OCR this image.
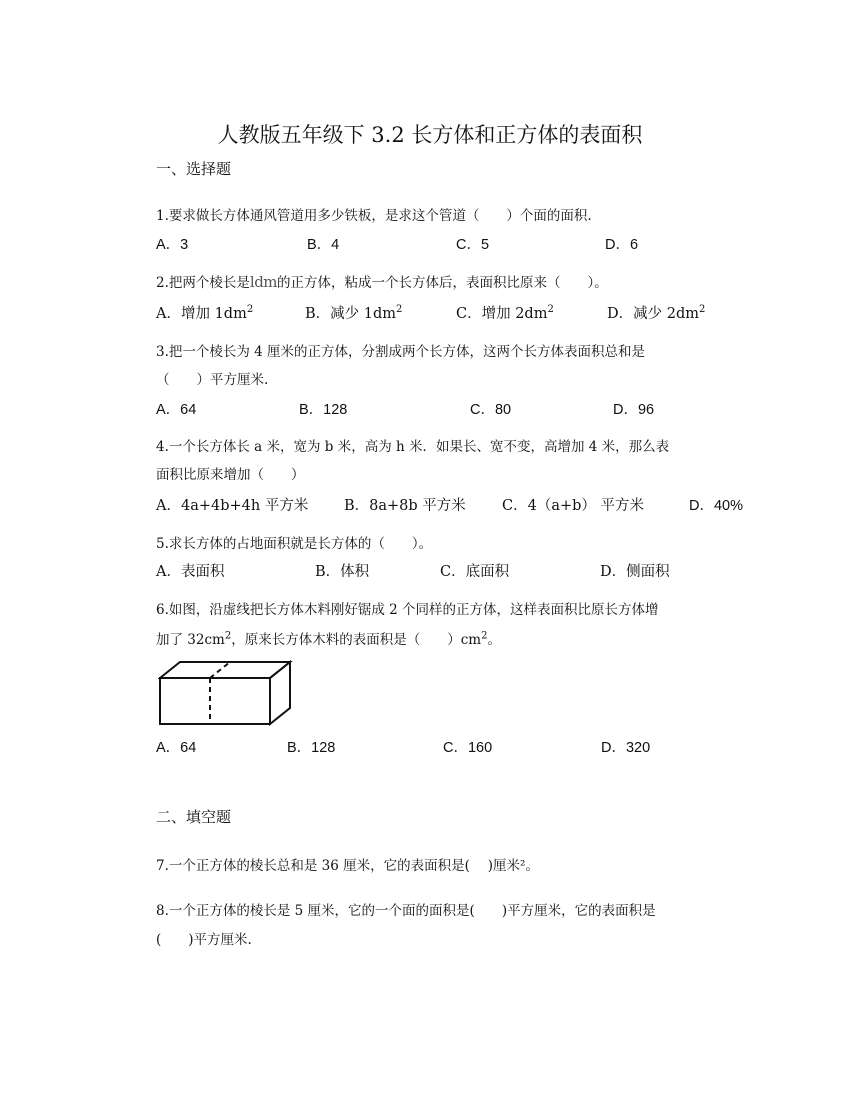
人教版五年级下 3.2 长方体和正方体的表面积
一、选择题
1.要求做长方体通风管道用多少铁板，是求这个管道（　　）个面的面积.
A．3	B．4	C．5	D．6
2.把两个棱长是ldm的正方体，粘成一个长方体后，表面积比原来（　　）。
A．增加 $1dm^2$	B．减少 $1dm^2$	C．增加 $2dm^2$	D．减少 $2dm^2$
3.把一个棱长为 4 厘米的正方体，分割成两个长方体，这两个长方体表面积总和是
（　　）平方厘米.
A．64	B．128	C．80	D．96
4.一个长方体长 a 米，宽为 b 米，高为 h 米．如果长、宽不变，高增加 4 米，那么表
面积比原来增加（　　）
A．4a+4b+4h 平方米 B．8a+8b 平方米 C．4（a+b） 平方米	D．40%
5.求长方体的占地面积就是长方体的（　　）。
A．表面积	B．体积	C．底面积	D．侧面积
6.如图，沿虚线把长方体木料刚好锯成 2 个同样的正方体，这样表面积比原长方体增
加了 $32cm^2$，原来长方体木料的表面积是（　　）$cm^2$。
A．64	B．128	C．160	D．320
二、填空题
7.一个正方体的棱长总和是 36 厘米，它的表面积是(　 )厘米²。
8.一个正方体的棱长是 5 厘米，它的一个面的面积是(　　)平方厘米，它的表面积是
(　　)平方厘米.
